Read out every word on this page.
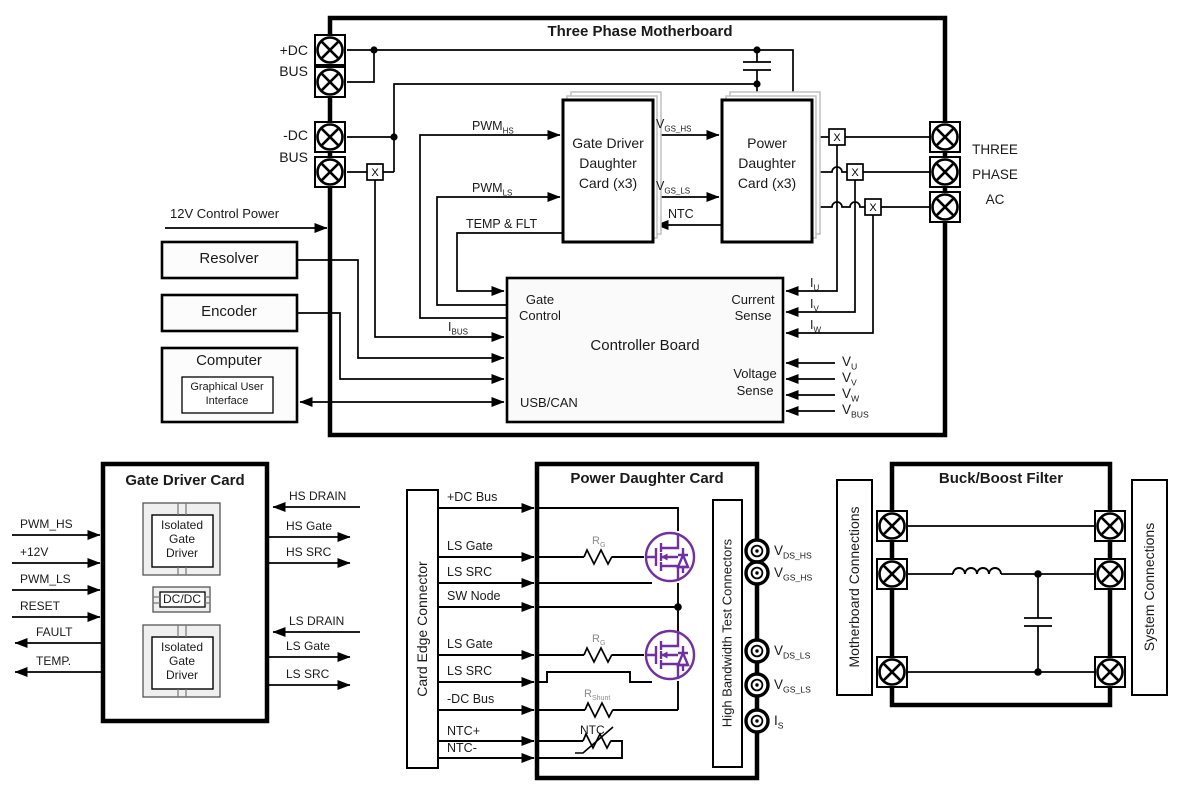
X
X
X
X
Three Phase Motherboard
+DC
BUS
-DC
BUS
12V Control Power
Resolver
Encoder
Computer
Graphical User
Interface
Gate Driver
Daughter
Card (x3)
Power
Daughter
Card (x3)
$PWM_{HS}$
$PWM_{LS}$
TEMP & FLT
$V_{GS\_HS}$
$V_{GS\_LS}$
NTC
$I_{BUS}$
Gate
Control
Controller Board
Current
Sense
Voltage
Sense
USB/CAN
$I_U$
$I_V$
$I_W$
$V_U$
$V_V$
$V_W$
$V_{BUS}$
THREE
PHASE
AC
Gate Driver Card
PWM_HS
+12V
PWM_LS
RESET
FAULT
TEMP.
Isolated
Gate
Driver
DC/DC
Isolated
Gate
Driver
HS DRAIN
HS Gate
HS SRC
LS DRAIN
LS Gate
LS SRC
Power Daughter Card
Card Edge Connector
+DC Bus
LS Gate
LS SRC
SW Node
LS Gate
LS SRC
-DC Bus
NTC+
NTC-
$R_G$
$R_G$
$R_{Shunt}$
NTC
High Bandwidth Test Connectors	$V_{DS\_HS}$
$V_{GS\_HS}$
$V_{DS\_LS}$
$V_{GS\_LS}$
$I_S$
Buck/Boost Filter
Motherboard Connections	System Connections
